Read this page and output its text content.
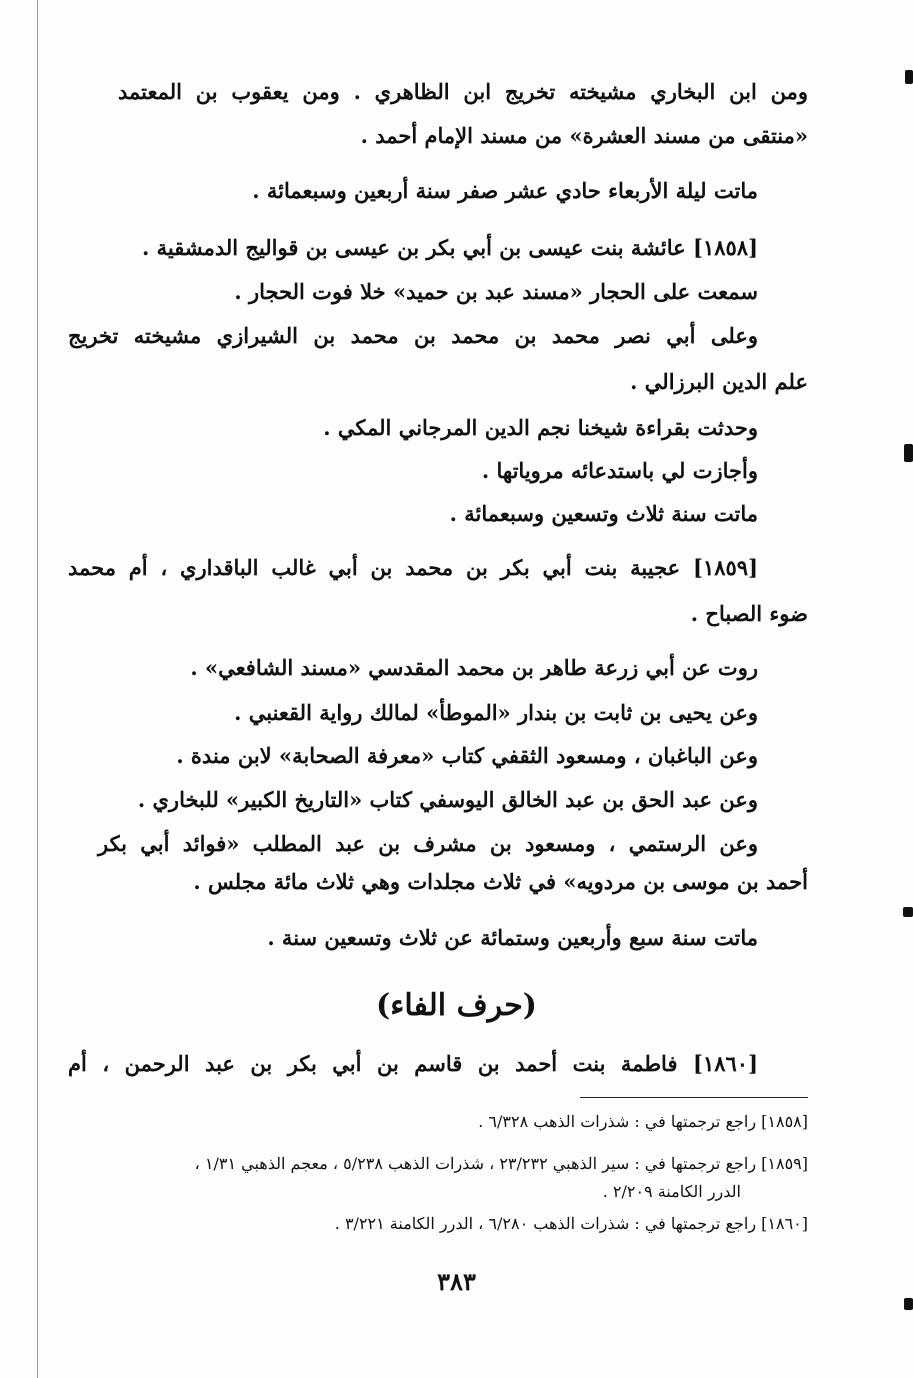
ومن ابن البخاري مشيخته تخريج ابن الظاهري . ومن يعقوب بن المعتمد
«منتقى من مسند العشرة» من مسند الإمام أحمد .
ماتت ليلة الأربعاء حادي عشر صفر سنة أربعين وسبعمائة .
[١٨٥٨] عائشة بنت عيسى بن أبي بكر بن عيسى بن قواليج الدمشقية .
سمعت على الحجار «مسند عبد بن حميد» خلا فوت الحجار .
وعلى أبي نصر محمد بن محمد بن محمد بن الشيرازي مشيخته تخريج
علم الدين البرزالي .
وحدثت بقراءة شيخنا نجم الدين المرجاني المكي .
وأجازت لي باستدعائه مروياتها .
ماتت سنة ثلاث وتسعين وسبعمائة .
[١٨٥٩] عجيبة بنت أبي بكر بن محمد بن أبي غالب الباقداري ، أم محمد
ضوء الصباح .
روت عن أبي زرعة طاهر بن محمد المقدسي «مسند الشافعي» .
وعن يحيى بن ثابت بن بندار «الموطأ» لمالك رواية القعنبي .
وعن الباغبان ، ومسعود الثقفي كتاب «معرفة الصحابة» لابن مندة .
وعن عبد الحق بن عبد الخالق اليوسفي كتاب «التاريخ الكبير» للبخاري .
وعن الرستمي ، ومسعود بن مشرف بن عبد المطلب «فوائد أبي بكر
أحمد بن موسى بن مردويه» في ثلاث مجلدات وهي ثلاث مائة مجلس .
ماتت سنة سبع وأربعين وستمائة عن ثلاث وتسعين سنة .
(حرف الفاء)
[١٨٦٠] فاطمة بنت أحمد بن قاسم بن أبي بكر بن عبد الرحمن ، أم
[١٨٥٨] راجع ترجمتها في : شذرات الذهب ٦/٣٢٨ .
[١٨٥٩] راجع ترجمتها في : سير الذهبي ٢٣/٢٣٢ ، شذرات الذهب ٥/٢٣٨ ، معجم الذهبي ١/٣١ ،
الدرر الكامنة ٢/٢٠٩ .
[١٨٦٠] راجع ترجمتها في : شذرات الذهب ٦/٢٨٠ ، الدرر الكامنة ٣/٢٢١ .
٣٨٣
